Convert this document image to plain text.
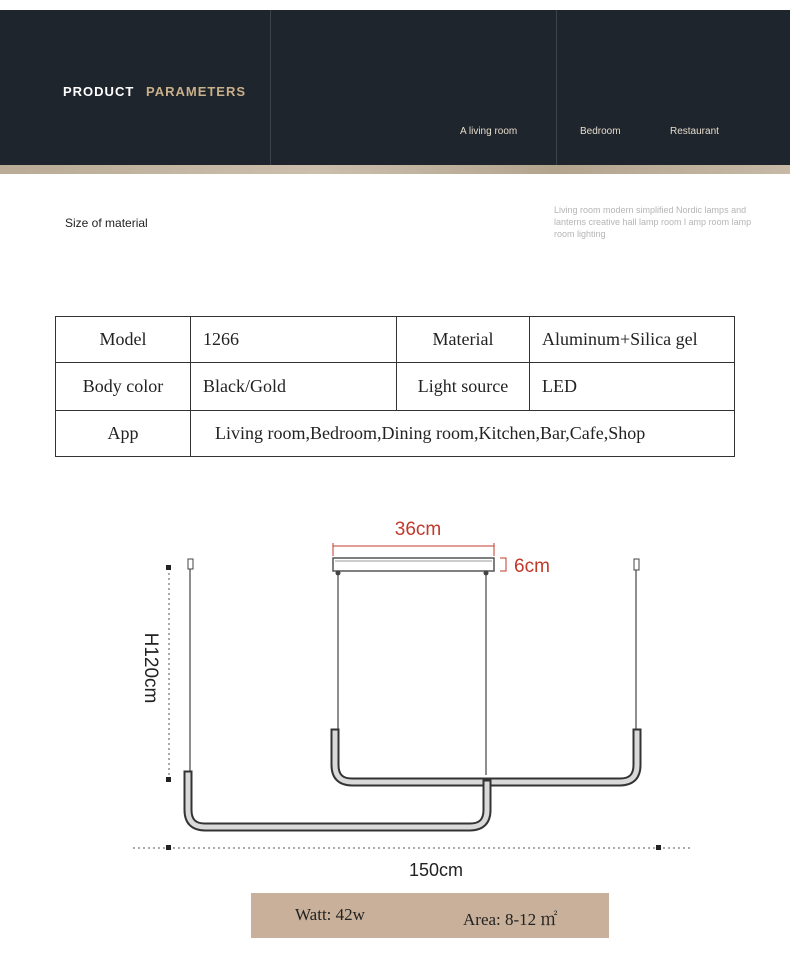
PRODUCT PARAMETERS
A living room	Bedroom	Restaurant
Size of material
Living room modern simplified Nordic lamps and lanterns creative hall lamp room l amp room lamp room lighting
Model	1266	Material	Aluminum+Silica gel
Body color	Black/Gold	Light source	LED
App	Living room,Bedroom,Dining room,Kitchen,Bar,Cafe,Shop		
36cm
6cm
H120cm
150cm
Watt: 42w	Area: 8-12 ㎡
